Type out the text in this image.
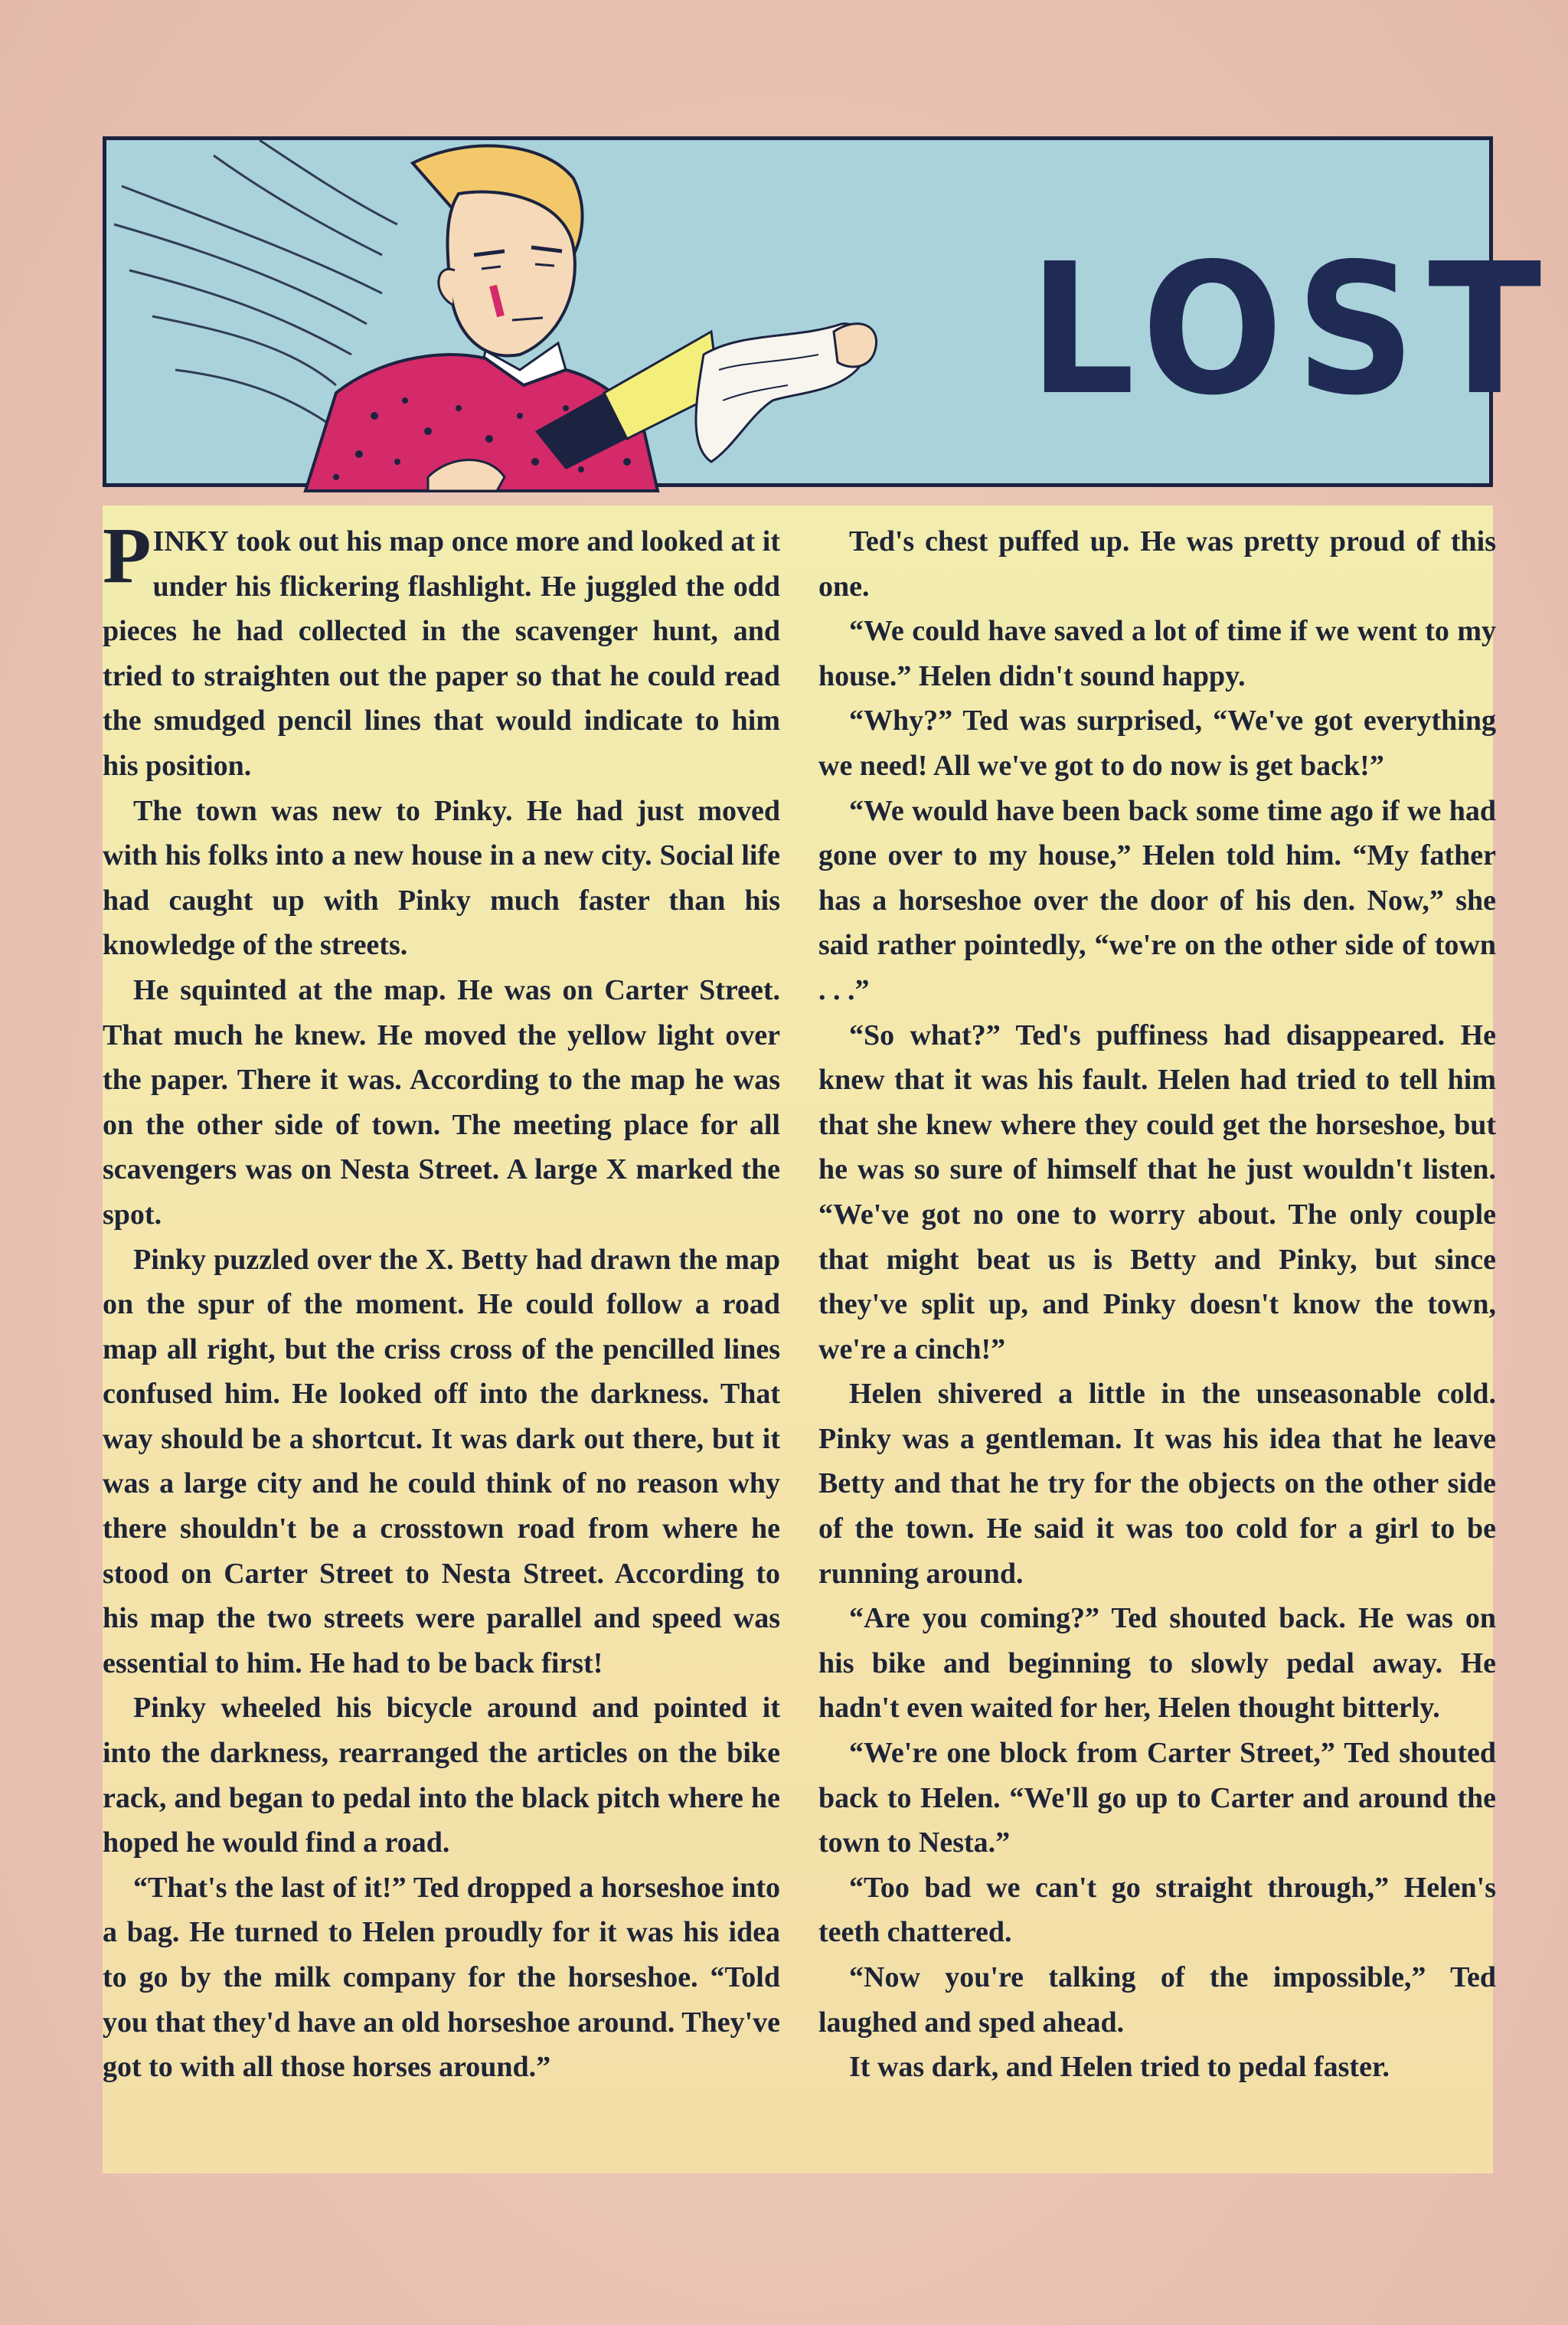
LOST

PINKY took out his map once more and looked at it under his flickering flashlight. He juggled the odd pieces he had collected in the scavenger hunt, and tried to straighten out the paper so that he could read the smudged pencil lines that would indicate to him his position.

The town was new to Pinky. He had just moved with his folks into a new house in a new city. Social life had caught up with Pinky much faster than his knowledge of the streets.

He squinted at the map. He was on Carter Street. That much he knew. He moved the yellow light over the paper. There it was. According to the map he was on the other side of town. The meeting place for all scavengers was on Nesta Street. A large X marked the spot.

Pinky puzzled over the X. Betty had drawn the map on the spur of the moment. He could follow a road map all right, but the criss cross of the pencilled lines confused him. He looked off into the darkness. That way should be a shortcut. It was dark out there, but it was a large city and he could think of no reason why there shouldn't be a crosstown road from where he stood on Carter Street to Nesta Street. According to his map the two streets were parallel and speed was essential to him. He had to be back first!

Pinky wheeled his bicycle around and pointed it into the darkness, rearranged the articles on the bike rack, and began to pedal into the black pitch where he hoped he would find a road.

“That's the last of it!” Ted dropped a horseshoe into a bag. He turned to Helen proudly for it was his idea to go by the milk company for the horseshoe. “Told you that they'd have an old horseshoe around. They've got to with all those horses around.”

Ted's chest puffed up. He was pretty proud of this one.

“We could have saved a lot of time if we went to my house.” Helen didn't sound happy.

“Why?” Ted was surprised, “We've got everything we need! All we've got to do now is get back!”

“We would have been back some time ago if we had gone over to my house,” Helen told him. “My father has a horseshoe over the door of his den. Now,” she said rather pointedly, “we're on the other side of town . . .”

“So what?” Ted's puffiness had disappeared. He knew that it was his fault. Helen had tried to tell him that she knew where they could get the horseshoe, but he was so sure of himself that he just wouldn't listen. “We've got no one to worry about. The only couple that might beat us is Betty and Pinky, but since they've split up, and Pinky doesn't know the town, we're a cinch!”

Helen shivered a little in the unseasonable cold. Pinky was a gentleman. It was his idea that he leave Betty and that he try for the objects on the other side of the town. He said it was too cold for a girl to be running around.

“Are you coming?” Ted shouted back. He was on his bike and beginning to slowly pedal away. He hadn't even waited for her, Helen thought bitterly.

“We're one block from Carter Street,” Ted shouted back to Helen. “We'll go up to Carter and around the town to Nesta.”

“Too bad we can't go straight through,” Helen's teeth chattered.

“Now you're talking of the impossible,” Ted laughed and sped ahead.

It was dark, and Helen tried to pedal faster.
